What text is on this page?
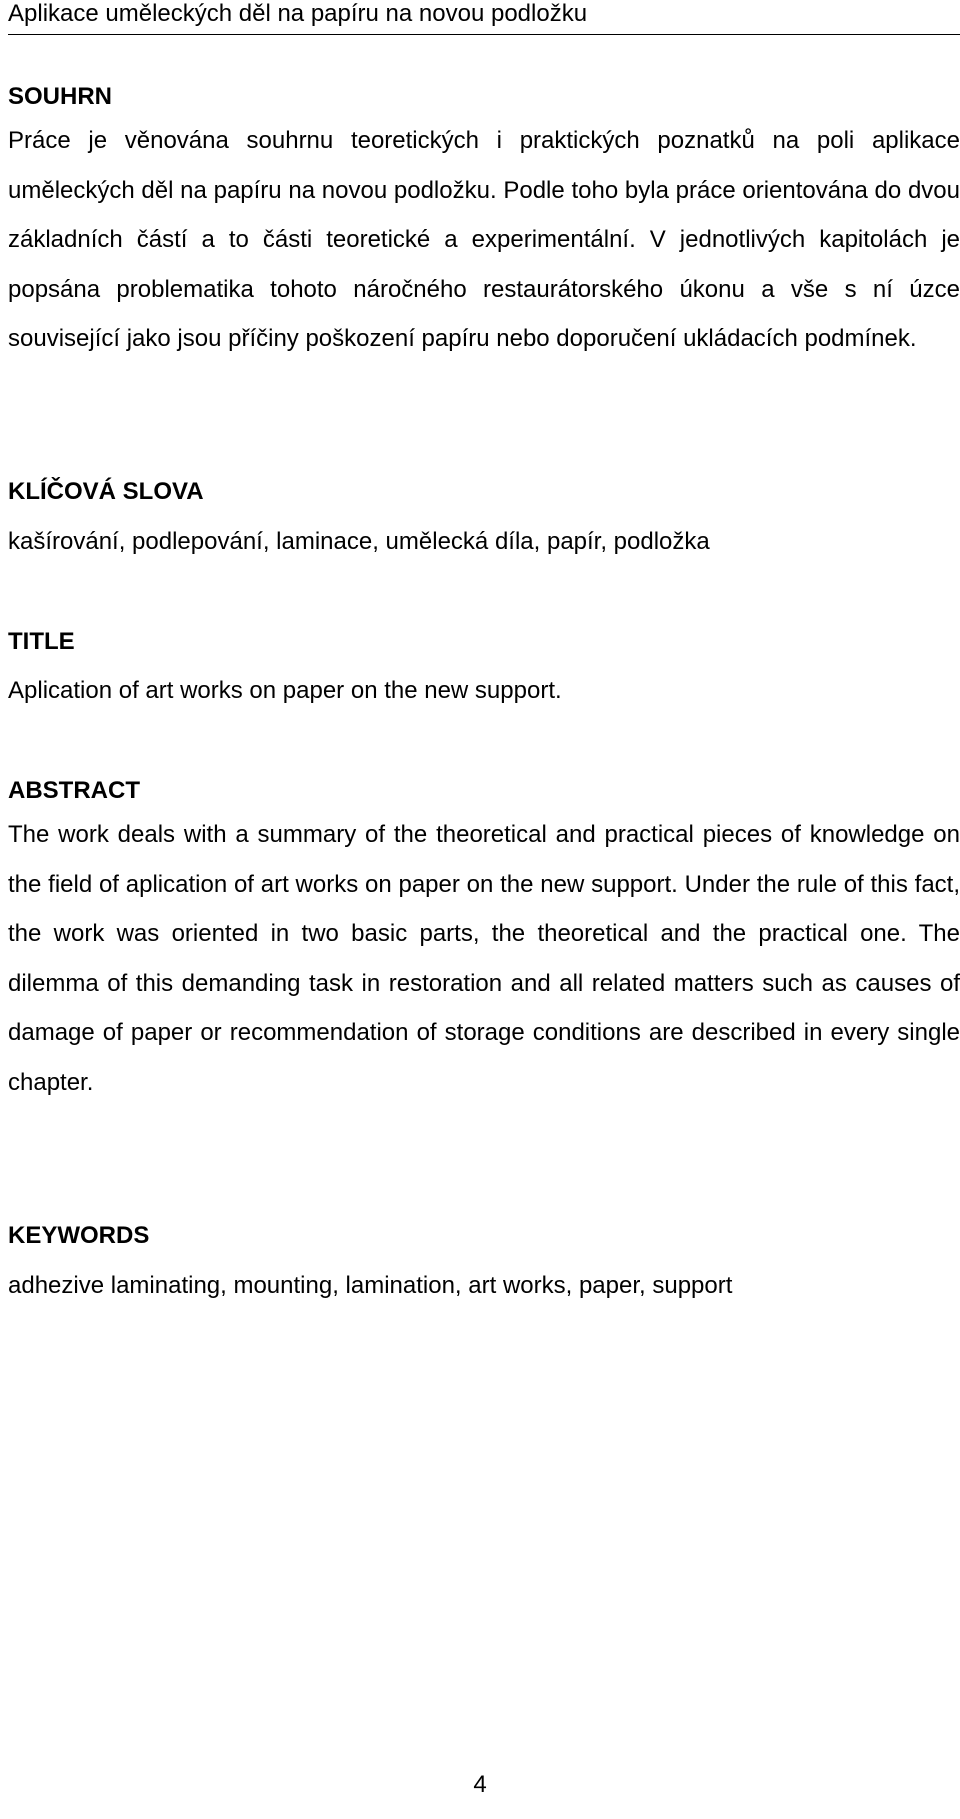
Aplikace uměleckých děl na papíru na novou podložku
SOUHRN

Práce je věnována souhrnu teoretických i praktických poznatků na poli aplikace uměleckých děl na papíru na novou podložku. Podle toho byla práce orientována do dvou základních částí a to části teoretické a experimentální. V jednotlivých kapitolách je popsána problematika tohoto náročného restaurátorského úkonu a vše s ní úzce související jako jsou příčiny poškození papíru nebo doporučení ukládacích podmínek.

KLÍČOVÁ SLOVA

kašírování, podlepování, laminace, umělecká díla, papír, podložka

TITLE

Aplication of art works on paper on the new support.

ABSTRACT

The work deals with a summary of the theoretical and practical pieces of knowledge on the field of aplication of art works on paper on the new support. Under the rule of this fact, the work was oriented in two basic parts, the theoretical and the practical one. The dilemma of this demanding task in restoration and all related matters such as causes of damage of paper or recommendation of storage conditions are described in every single chapter.

KEYWORDS

adhezive laminating, mounting, lamination, art works, paper, support

4
